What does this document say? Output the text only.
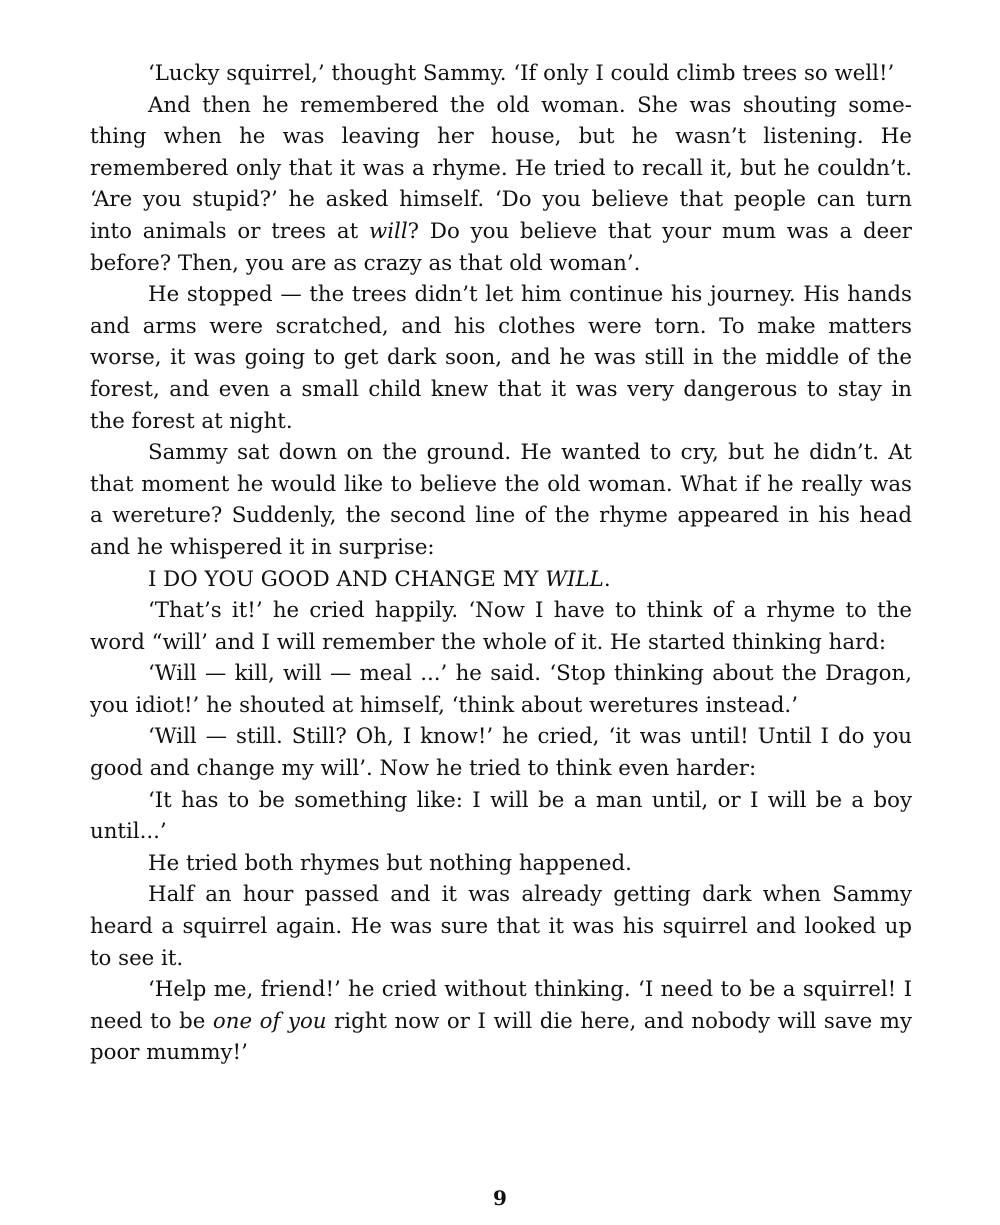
‘Lucky squirrel,’ thought Sammy. ‘If only I could climb trees so well!’

And then he remembered the old woman. She was shouting something when he was leaving her house, but he wasn’t listening. He remembered only that it was a rhyme. He tried to recall it, but he couldn’t. ‘Are you stupid?’ he asked himself. ‘Do you believe that people can turn into animals or trees at will? Do you believe that your mum was a deer before? Then, you are as crazy as that old woman’.

He stopped — the trees didn’t let him continue his journey. His hands and arms were scratched, and his clothes were torn. To make matters worse, it was going to get dark soon, and he was still in the middle of the forest, and even a small child knew that it was very dangerous to stay in the forest at night.

Sammy sat down on the ground. He wanted to cry, but he didn’t. At that moment he would like to believe the old woman. What if he really was a wereture? Suddenly, the second line of the rhyme appeared in his head and he whispered it in surprise:

I DO YOU GOOD AND CHANGE MY WILL.

‘That’s it!’ he cried happily. ‘Now I have to think of a rhyme to the word “will’ and I will remember the whole of it. He started thinking hard:

‘Will — kill, will — meal ...’ he said. ‘Stop thinking about the Dragon, you idiot!’ he shouted at himself, ‘think about weretures instead.’

‘Will — still. Still? Oh, I know!’ he cried, ‘it was until! Until I do you good and change my will’. Now he tried to think even harder:

‘It has to be something like: I will be a man until, or I will be a boy until...’

He tried both rhymes but nothing happened.

Half an hour passed and it was already getting dark when Sammy heard a squirrel again. He was sure that it was his squirrel and looked up to see it.

‘Help me, friend!’ he cried without thinking. ‘I need to be a squirrel! I need to be one of you right now or I will die here, and nobody will save my poor mummy!’

9
